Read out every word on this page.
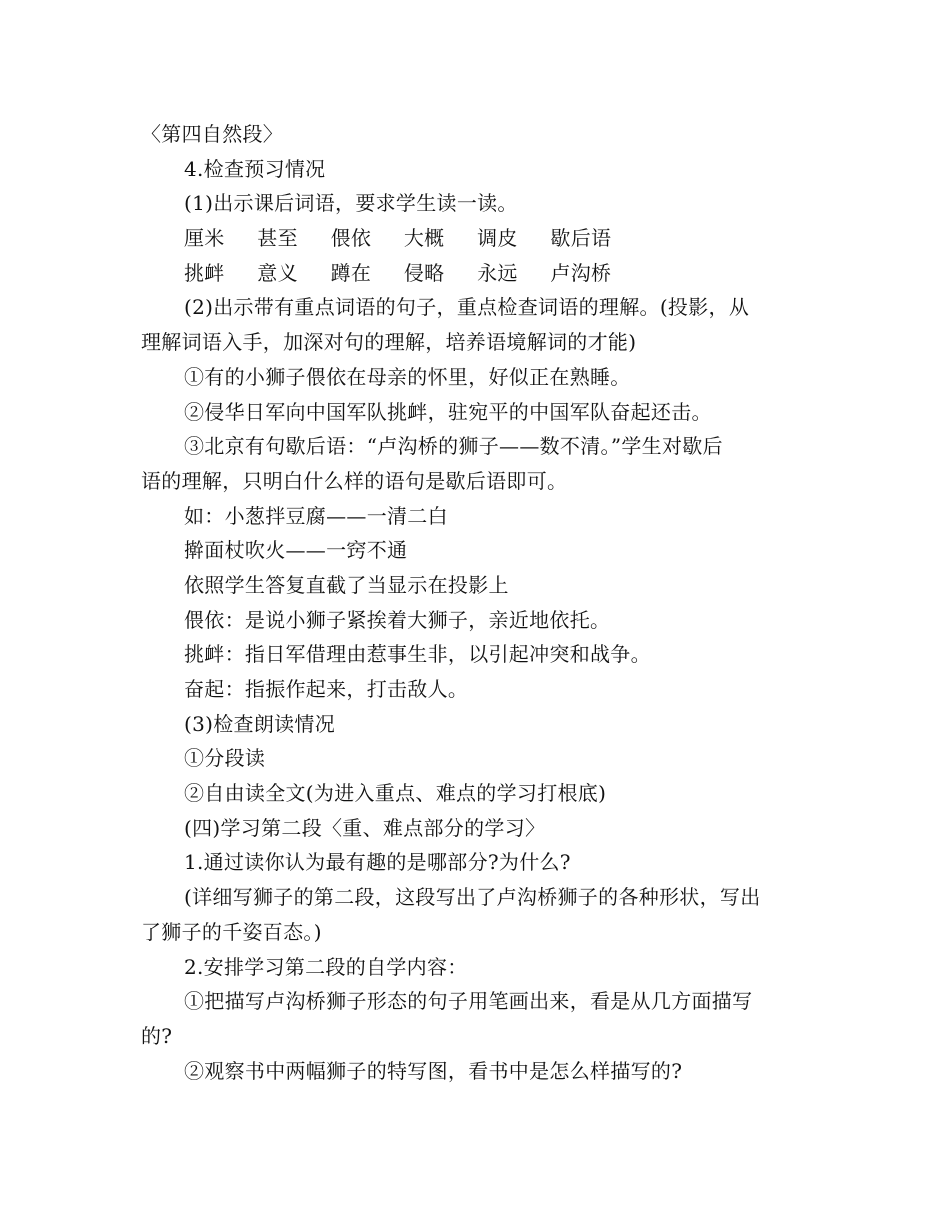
〈第四自然段〉
4.检查预习情况
(1)出示课后词语，要求学生读一读。
厘米 甚至 偎依 大概 调皮 歇后语
挑衅 意义 蹲在 侵略 永远 卢沟桥
(2)出示带有重点词语的句子，重点检查词语的理解。(投影，从
理解词语入手，加深对句的理解，培养语境解词的才能)
①有的小狮子偎依在母亲的怀里，好似正在熟睡。
②侵华日军向中国军队挑衅，驻宛平的中国军队奋起还击。
③北京有句歇后语：“卢沟桥的狮子——数不清。”学生对歇后
语的理解，只明白什么样的语句是歇后语即可。
如：小葱拌豆腐——一清二白
擀面杖吹火——一窍不通
依照学生答复直截了当显示在投影上
偎依：是说小狮子紧挨着大狮子，亲近地依托。
挑衅：指日军借理由惹事生非，以引起冲突和战争。
奋起：指振作起来，打击敌人。
(3)检查朗读情况
①分段读
②自由读全文(为进入重点、难点的学习打根底)
(四)学习第二段〈重、难点部分的学习〉
1.通过读你认为最有趣的是哪部分?为什么?
(详细写狮子的第二段，这段写出了卢沟桥狮子的各种形状，写出
了狮子的千姿百态。)
2.安排学习第二段的自学内容：
①把描写卢沟桥狮子形态的句子用笔画出来，看是从几方面描写
的?
②观察书中两幅狮子的特写图，看书中是怎么样描写的?
